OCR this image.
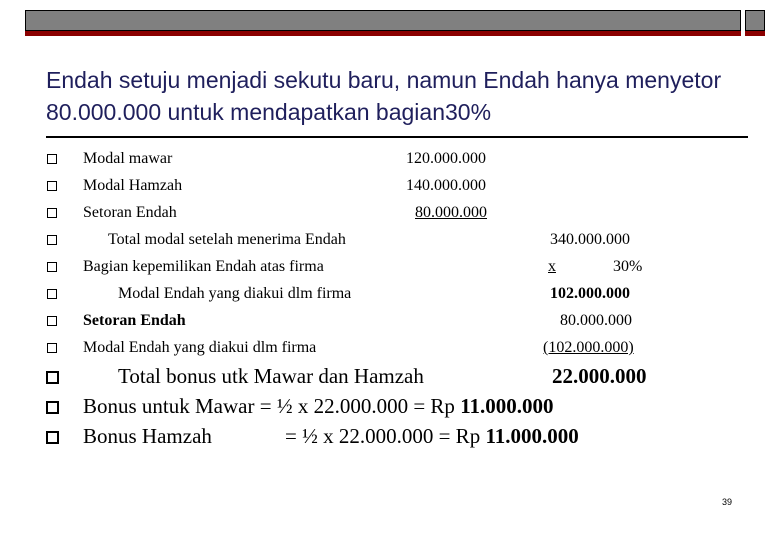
Endah setuju menjadi sekutu baru, namun Endah hanya menyetor 80.000.000 untuk mendapatkan bagian30%
Modal mawar	120.000.000
Modal Hamzah	140.000.000
Setoran Endah	80.000.000
Total modal setelah menerima Endah	340.000.000
Bagian kepemilikan Endah atas firma	x	30%
Modal Endah yang diakui dlm firma	102.000.000
Setoran Endah	80.000.000
Modal Endah yang diakui dlm firma	(102.000.000)
Total bonus utk Mawar dan Hamzah	22.000.000
Bonus untuk Mawar = ½ x 22.000.000 = Rp 11.000.000
Bonus Hamzah	= ½ x 22.000.000 = Rp 11.000.000
39
